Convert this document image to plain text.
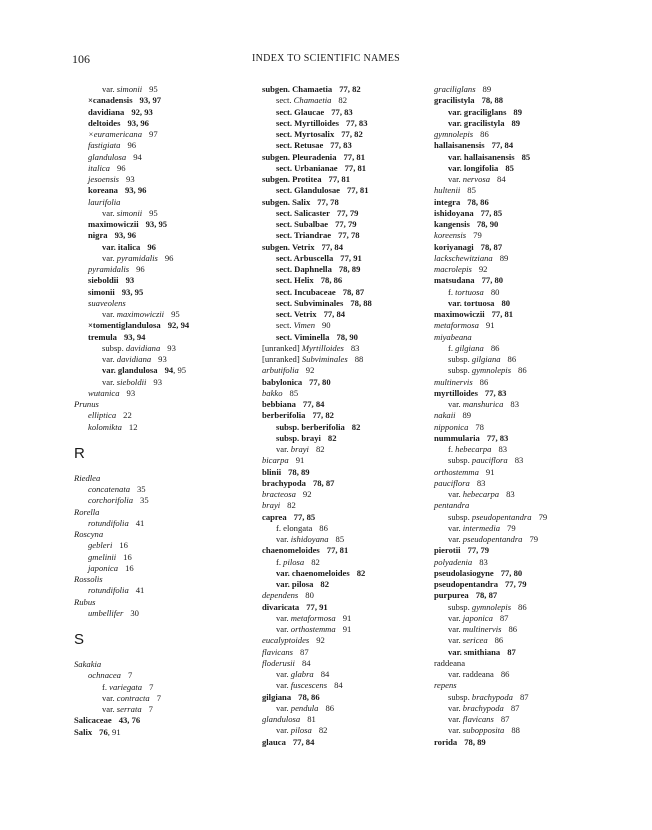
106	INDEX TO SCIENTIFIC NAMES
var. simonii 95
×canadensis 93, 97
davidiana 92, 93
deltoides 93, 96
×euramericana 97
fastigiata 96
glandulosa 94
italica 96
jesoensis 93
koreana 93, 96
laurifolia
var. simonii 95
maximowiczii 93, 95
nigra 93, 96
var. italica 96
var. pyramidalis 96
pyramidalis 96
sieboldii 93
simonii 93, 95
suaveolens
var. maximowiczii 95
×tomentiglandulosa 92, 94
tremula 93, 94
subsp. davidiana 93
var. davidiana 93
var. glandulosa 94, 95
var. sieboldii 93
wutanica 93
Prunus
elliptica 22
kolomikta 12
R
Riedlea
concatenata 35
corchorifolia 35
Rorella
rotundifolia 41
Roscyna
gebleri 16
gmelinii 16
japonica 16
Rossolis
rotundifolia 41
Rubus
umbellifer 30
S
Sakakia
ochnacea 7
f. variegata 7
var. contracta 7
var. serrata 7
Salicaceae 43, 76
Salix 76, 91
subgen. Chamaetia 77, 82
sect. Chamaetia 82
sect. Glaucae 77, 83
sect. Myrtilloides 77, 83
sect. Myrtosalix 77, 82
sect. Retusae 77, 83
subgen. Pleuradenia 77, 81
sect. Urbanianae 77, 81
subgen. Protitea 77, 81
sect. Glandulosae 77, 81
subgen. Salix 77, 78
sect. Salicaster 77, 79
sect. Subalbae 77, 79
sect. Triandrae 77, 78
subgen. Vetrix 77, 84
sect. Arbuscella 77, 91
sect. Daphnella 78, 89
sect. Helix 78, 86
sect. Incubaceae 78, 87
sect. Subviminales 78, 88
sect. Vetrix 77, 84
sect. Vimen 90
sect. Viminella 78, 90
[unranked] Myrtilloides 83
[unranked] Subviminales 88
arbutifolia 92
babylonica 77, 80
bakko 85
bebbiana 77, 84
berberifolia 77, 82
subsp. berberifolia 82
subsp. brayi 82
var. brayi 82
bicarpa 91
blinii 78, 89
brachypoda 78, 87
bracteosa 92
brayi 82
caprea 77, 85
f. elongata 86
var. ishidoyana 85
chaenomeloides 77, 81
f. pilosa 82
var. chaenomeloides 82
var. pilosa 82
dependens 80
divaricata 77, 91
var. metaformosa 91
var. orthostemma 91
eucalyptoides 92
flavicans 87
floderusii 84
var. glabra 84
var. fuscescens 84
gilgiana 78, 86
var. pendula 86
glandulosa 81
var. pilosa 82
glauca 77, 84
graciliglans 89
gracilistyla 78, 88
var. graciliglans 89
var. gracilistyla 89
gymnolepis 86
hallaisanensis 77, 84
var. hallaisanensis 85
var. longifolia 85
var. nervosa 84
hultenii 85
integra 78, 86
ishidoyana 77, 85
kangensis 78, 90
koreensis 79
koriyanagi 78, 87
lackschewitziana 89
macrolepis 92
matsudana 77, 80
f. tortuosa 80
var. tortuosa 80
maximowiczii 77, 81
metaformosa 91
miyabeana
f. gilgiana 86
subsp. gilgiana 86
subsp. gymnolepis 86
multinervis 86
myrtilloides 77, 83
var. manshurica 83
nakaii 89
nipponica 78
nummularia 77, 83
f. hebecarpa 83
subsp. pauciflora 83
orthostemma 91
pauciflora 83
var. hebecarpa 83
pentandra
subsp. pseudopentandra 79
var. intermedia 79
var. pseudopentandra 79
pierotii 77, 79
polyadenia 83
pseudolasiogyne 77, 80
pseudopentandra 77, 79
purpurea 78, 87
subsp. gymnolepis 86
var. japonica 87
var. multinervis 86
var. sericea 86
var. smithiana 87
raddeana
var. raddeana 86
repens
subsp. brachypoda 87
var. brachypoda 87
var. flavicans 87
var. subopposita 88
rorida 78, 89
